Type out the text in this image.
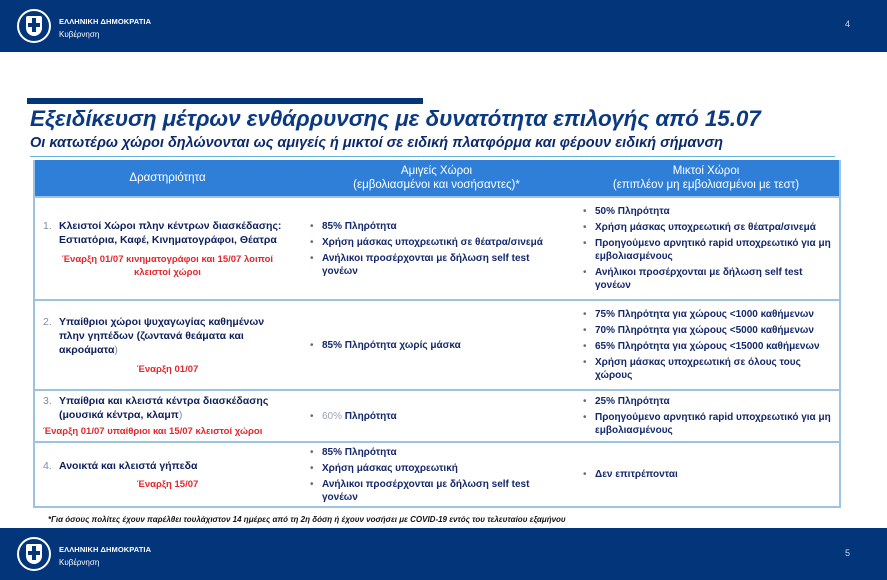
ΕΛΛΗΝΙΚΗ ΔΗΜΟΚΡΑΤΙΑ
Κυβέρνηση
4
Εξειδίκευση μέτρων ενθάρρυνσης με δυνατότητα επιλογής από 15.07
Οι κατωτέρω χώροι δηλώνονται ως αμιγείς ή μικτοί σε ειδική πλατφόρμα και φέρουν ειδική σήμανση
Δραστηριότητα
Αμιγείς Χώροι
(εμβολιασμένοι και νοσήσαντες)*
Μικτοί Χώροι
(επιπλέον μη εμβολιασμένοι με τεστ)
1. Κλειστοί Χώροι πλην κέντρων διασκέδασης: Εστιατόρια, Καφέ, Κινηματογράφοι, Θέατρα
Έναρξη 01/07 κινηματογράφοι και 15/07 λοιποί κλειστοί χώροι
• 85% Πληρότητα
• Χρήση μάσκας υποχρεωτική σε θέατρα/σινεμά
• Ανήλικοι προσέρχονται με δήλωση self test γονέων
• 50% Πληρότητα
• Χρήση μάσκας υποχρεωτική σε θέατρα/σινεμά
• Προηγούμενο αρνητικό rapid υποχρεωτικό για μη εμβολιασμένους
• Ανήλικοι προσέρχονται με δήλωση self test γονέων
2. Υπαίθριοι χώροι ψυχαγωγίας καθημένων πλην γηπέδων (ζωντανά θεάματα και ακροάματα)
Έναρξη 01/07
• 85% Πληρότητα χωρίς μάσκα
• 75% Πληρότητα για χώρους <1000 καθήμενων
• 70% Πληρότητα για χώρους <5000 καθήμενων
• 65% Πληρότητα για χώρους <15000 καθήμενων
• Χρήση μάσκας υποχρεωτική σε όλους τους χώρους
3. Υπαίθρια και κλειστά κέντρα διασκέδασης (μουσικά κέντρα, κλαμπ)
Έναρξη 01/07 υπαίθριοι και 15/07 κλειστοί χώροι
• 60% Πληρότητα
• 25% Πληρότητα
• Προηγούμενο αρνητικό rapid υποχρεωτικό για μη εμβολιασμένους
4. Ανοικτά και κλειστά γήπεδα
Έναρξη 15/07
• 85% Πληρότητα
• Χρήση μάσκας υποχρεωτική
• Ανήλικοι προσέρχονται με δήλωση self test γονέων
• Δεν επιτρέπονται
*Για όσους πολίτες έχουν παρέλθει τουλάχιστον 14 ημέρες από τη 2η δόση ή έχουν νοσήσει με COVID-19 εντός του τελευταίου εξαμήνου
ΕΛΛΗΝΙΚΗ ΔΗΜΟΚΡΑΤΙΑ
Κυβέρνηση
5
